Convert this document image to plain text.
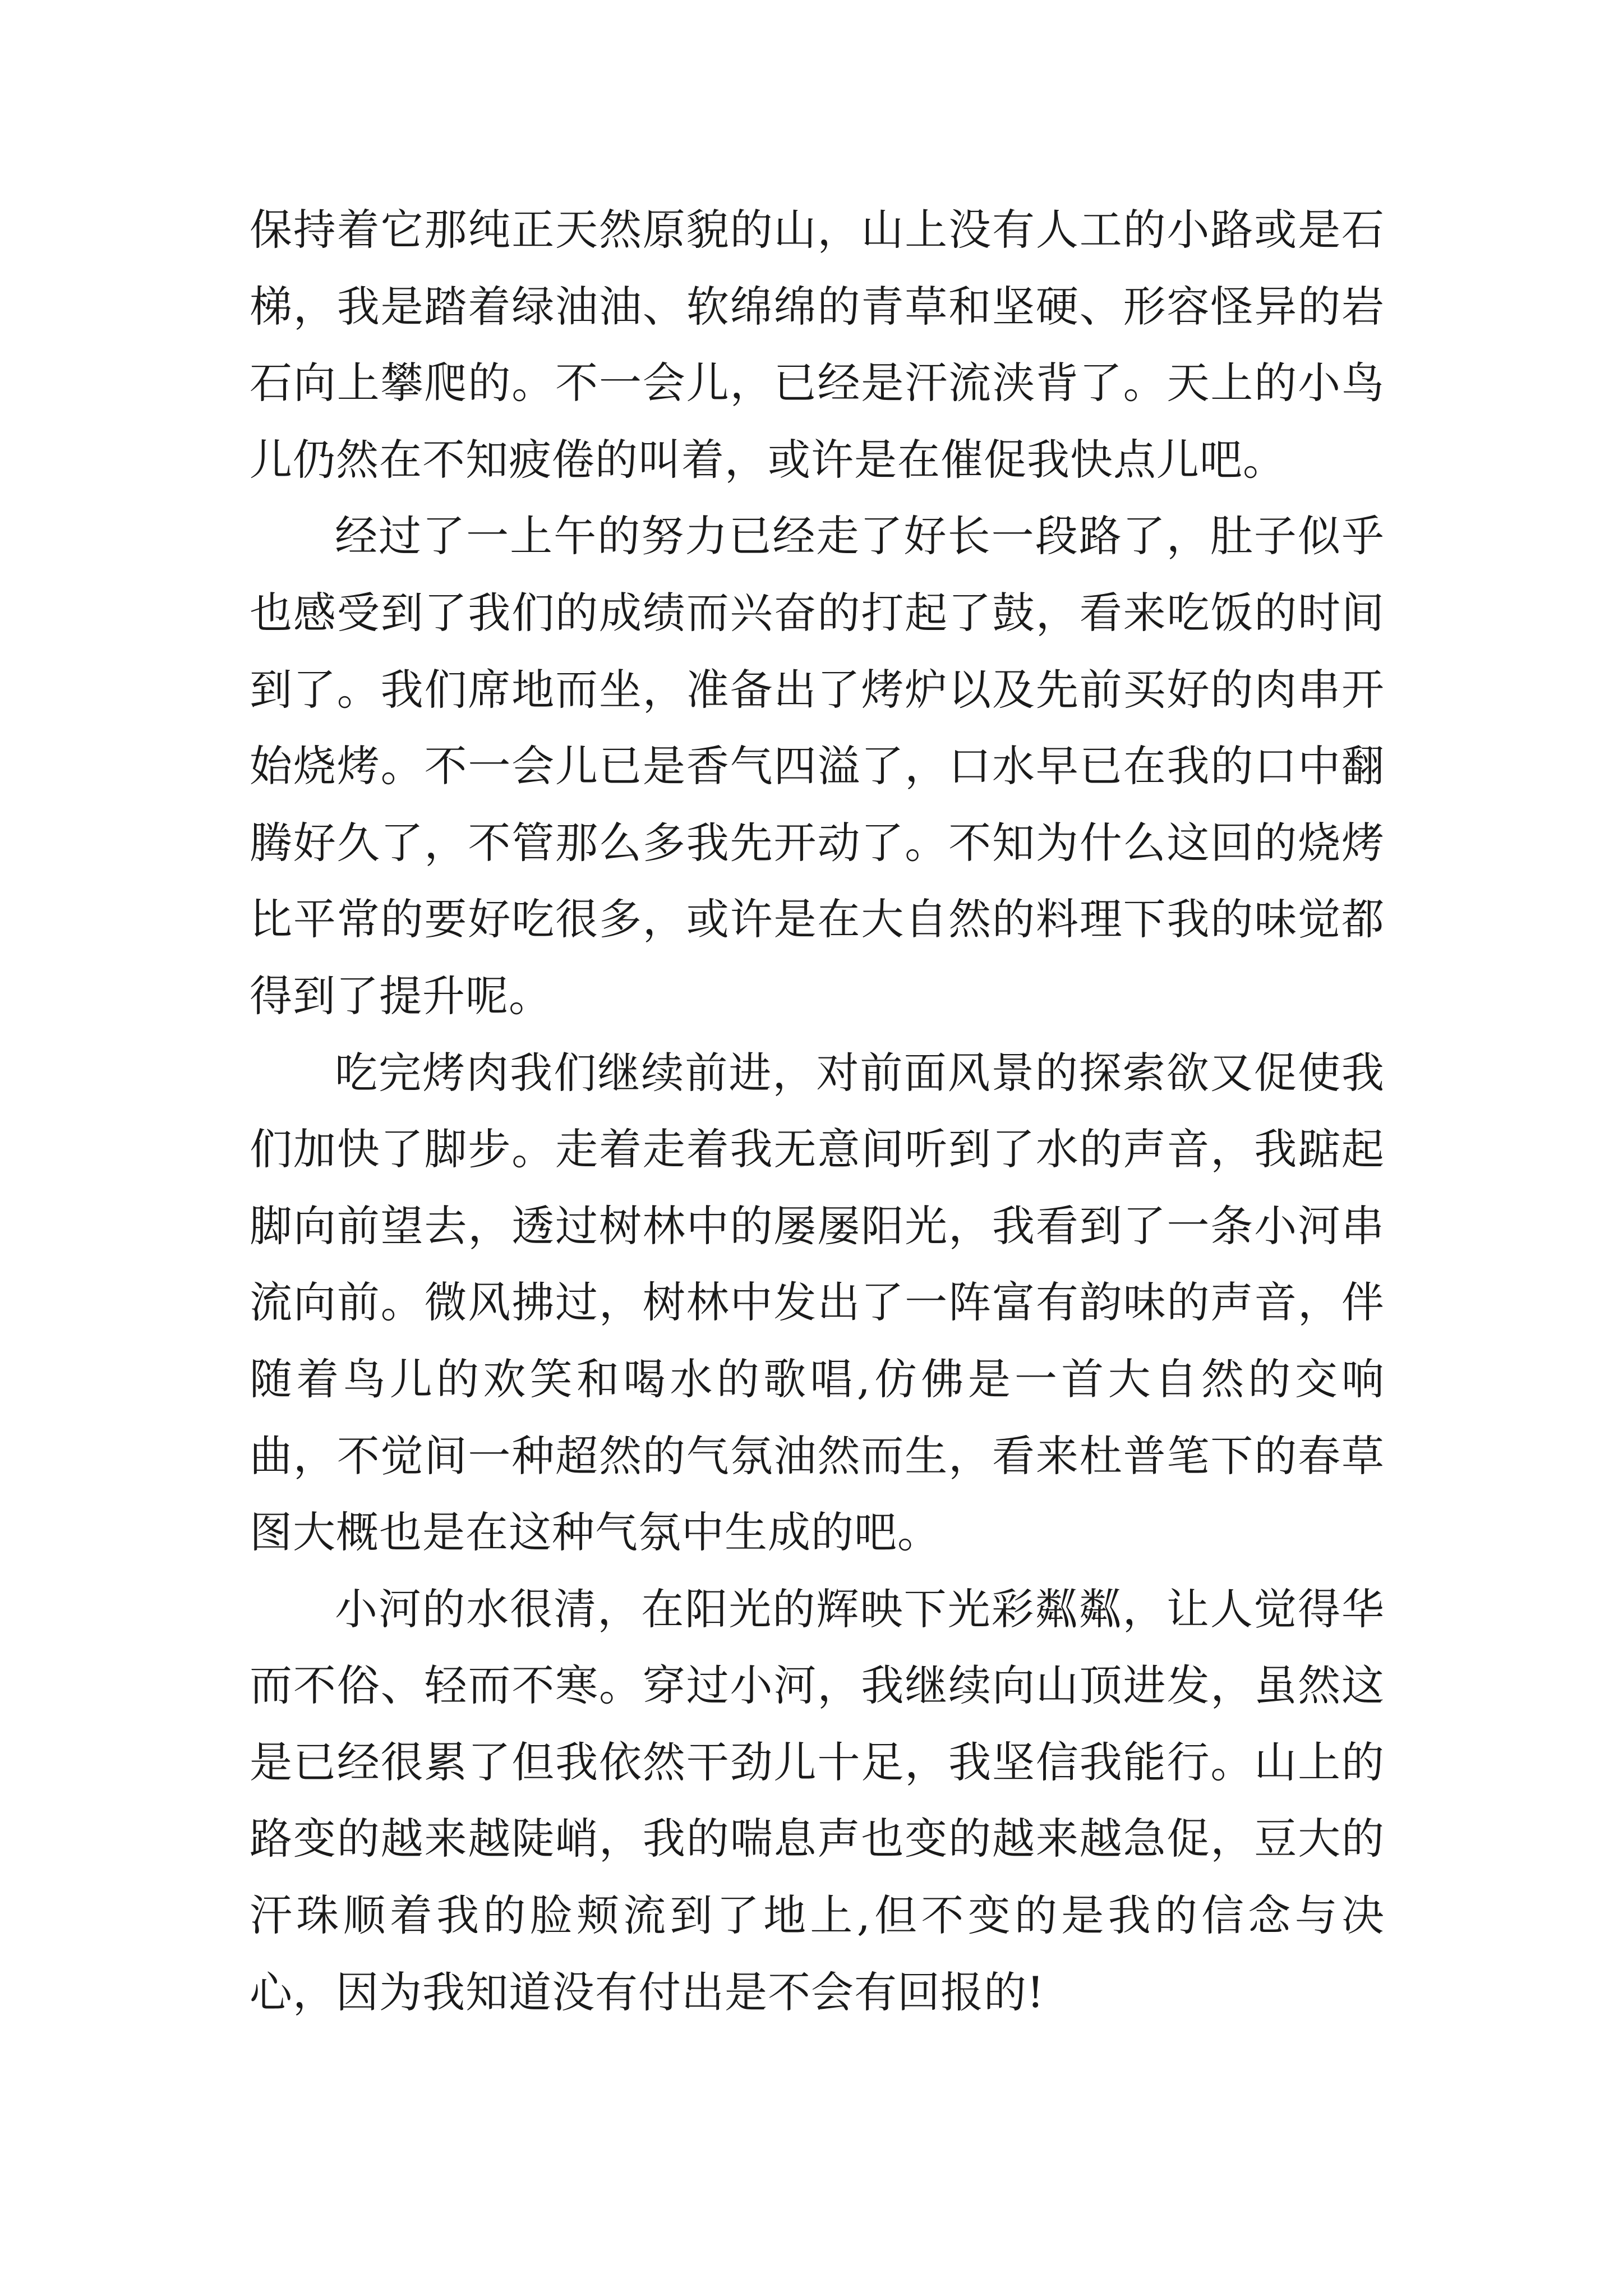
保持着它那纯正天然原貌的山，山上没有人工的小路或是石梯，我是踏着绿油油、软绵绵的青草和坚硬、形容怪异的岩石向上攀爬的。不一会儿，已经是汗流浃背了。天上的小鸟儿仍然在不知疲倦的叫着，或许是在催促我快点儿吧。

经过了一上午的努力已经走了好长一段路了，肚子似乎也感受到了我们的成绩而兴奋的打起了鼓，看来吃饭的时间到了。我们席地而坐，准备出了烤炉以及先前买好的肉串开始烧烤。不一会儿已是香气四溢了，口水早已在我的口中翻腾好久了，不管那么多我先开动了。不知为什么这回的烧烤比平常的要好吃很多，或许是在大自然的料理下我的味觉都得到了提升呢。

吃完烤肉我们继续前进，对前面风景的探索欲又促使我们加快了脚步。走着走着我无意间听到了水的声音，我踮起脚向前望去，透过树林中的屡屡阳光，我看到了一条小河串流向前。微风拂过，树林中发出了一阵富有韵味的声音，伴随着鸟儿的欢笑和喝水的歌唱,仿佛是一首大自然的交响曲，不觉间一种超然的气氛油然而生，看来杜普笔下的春草图大概也是在这种气氛中生成的吧。

小河的水很清，在阳光的辉映下光彩粼粼，让人觉得华而不俗、轻而不寒。穿过小河，我继续向山顶进发，虽然这是已经很累了但我依然干劲儿十足，我坚信我能行。山上的路变的越来越陡峭，我的喘息声也变的越来越急促，豆大的汗珠顺着我的脸颊流到了地上,但不变的是我的信念与决心，因为我知道没有付出是不会有回报的!
